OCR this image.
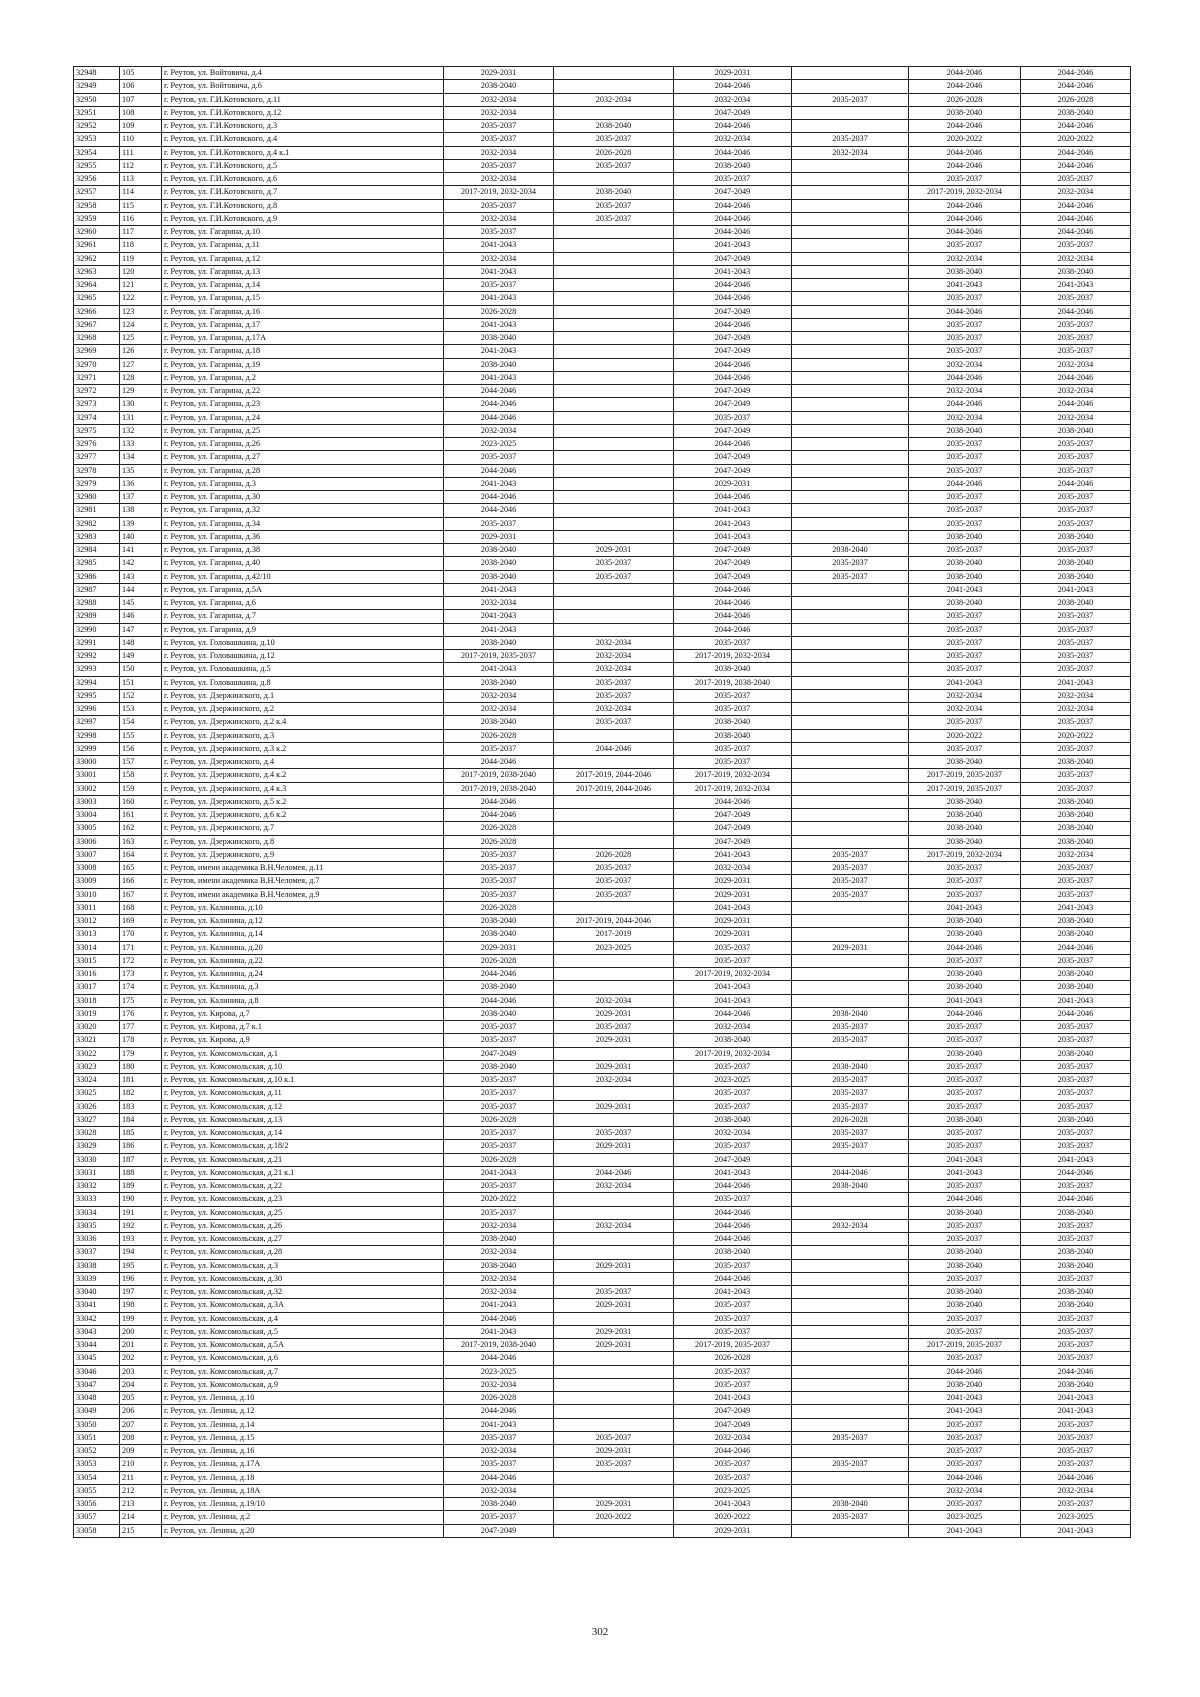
32948	105	г. Реутов, ул. Войтовича, д.4	2029-2031		2029-2031		2044-2046	2044-2046
32949	106	г. Реутов, ул. Войтовича, д.6	2038-2040		2044-2046		2044-2046	2044-2046
32950	107	г. Реутов, ул. Г.И.Котовского, д.11	2032-2034	2032-2034	2032-2034	2035-2037	2026-2028	2026-2028
32951	108	г. Реутов, ул. Г.И.Котовского, д.12	2032-2034		2047-2049		2038-2040	2038-2040
32952	109	г. Реутов, ул. Г.И.Котовского, д.3	2035-2037	2038-2040	2044-2046		2044-2046	2044-2046
32953	110	г. Реутов, ул. Г.И.Котовского, д.4	2035-2037	2035-2037	2032-2034	2035-2037	2020-2022	2020-2022
32954	111	г. Реутов, ул. Г.И.Котовского, д.4 к.1	2032-2034	2026-2028	2044-2046	2032-2034	2044-2046	2044-2046
32955	112	г. Реутов, ул. Г.И.Котовского, д.5	2035-2037	2035-2037	2038-2040		2044-2046	2044-2046
32956	113	г. Реутов, ул. Г.И.Котовского, д.6	2032-2034		2035-2037		2035-2037	2035-2037
32957	114	г. Реутов, ул. Г.И.Котовского, д.7	2017-2019, 2032-2034	2038-2040	2047-2049		2017-2019, 2032-2034	2032-2034
32958	115	г. Реутов, ул. Г.И.Котовского, д.8	2035-2037	2035-2037	2044-2046		2044-2046	2044-2046
32959	116	г. Реутов, ул. Г.И.Котовского, д.9	2032-2034	2035-2037	2044-2046		2044-2046	2044-2046
32960	117	г. Реутов, ул. Гагарина, д.10	2035-2037		2044-2046		2044-2046	2044-2046
32961	118	г. Реутов, ул. Гагарина, д.11	2041-2043		2041-2043		2035-2037	2035-2037
32962	119	г. Реутов, ул. Гагарина, д.12	2032-2034		2047-2049		2032-2034	2032-2034
32963	120	г. Реутов, ул. Гагарина, д.13	2041-2043		2041-2043		2038-2040	2038-2040
32964	121	г. Реутов, ул. Гагарина, д.14	2035-2037		2044-2046		2041-2043	2041-2043
32965	122	г. Реутов, ул. Гагарина, д.15	2041-2043		2044-2046		2035-2037	2035-2037
32966	123	г. Реутов, ул. Гагарина, д.16	2026-2028		2047-2049		2044-2046	2044-2046
32967	124	г. Реутов, ул. Гагарина, д.17	2041-2043		2044-2046		2035-2037	2035-2037
32968	125	г. Реутов, ул. Гагарина, д.17А	2038-2040		2047-2049		2035-2037	2035-2037
32969	126	г. Реутов, ул. Гагарина, д.18	2041-2043		2047-2049		2035-2037	2035-2037
32970	127	г. Реутов, ул. Гагарина, д.19	2038-2040		2044-2046		2032-2034	2032-2034
32971	128	г. Реутов, ул. Гагарина, д.2	2041-2043		2044-2046		2044-2046	2044-2046
32972	129	г. Реутов, ул. Гагарина, д.22	2044-2046		2047-2049		2032-2034	2032-2034
32973	130	г. Реутов, ул. Гагарина, д.23	2044-2046		2047-2049		2044-2046	2044-2046
32974	131	г. Реутов, ул. Гагарина, д.24	2044-2046		2035-2037		2032-2034	2032-2034
32975	132	г. Реутов, ул. Гагарина, д.25	2032-2034		2047-2049		2038-2040	2038-2040
32976	133	г. Реутов, ул. Гагарина, д.26	2023-2025		2044-2046		2035-2037	2035-2037
32977	134	г. Реутов, ул. Гагарина, д.27	2035-2037		2047-2049		2035-2037	2035-2037
32978	135	г. Реутов, ул. Гагарина, д.28	2044-2046		2047-2049		2035-2037	2035-2037
32979	136	г. Реутов, ул. Гагарина, д.3	2041-2043		2029-2031		2044-2046	2044-2046
32980	137	г. Реутов, ул. Гагарина, д.30	2044-2046		2044-2046		2035-2037	2035-2037
32981	138	г. Реутов, ул. Гагарина, д.32	2044-2046		2041-2043		2035-2037	2035-2037
32982	139	г. Реутов, ул. Гагарина, д.34	2035-2037		2041-2043		2035-2037	2035-2037
32983	140	г. Реутов, ул. Гагарина, д.36	2029-2031		2041-2043		2038-2040	2038-2040
32984	141	г. Реутов, ул. Гагарина, д.38	2038-2040	2029-2031	2047-2049	2038-2040	2035-2037	2035-2037
32985	142	г. Реутов, ул. Гагарина, д.40	2038-2040	2035-2037	2047-2049	2035-2037	2038-2040	2038-2040
32986	143	г. Реутов, ул. Гагарина, д.42/10	2038-2040	2035-2037	2047-2049	2035-2037	2038-2040	2038-2040
32987	144	г. Реутов, ул. Гагарина, д.5А	2041-2043		2044-2046		2041-2043	2041-2043
32988	145	г. Реутов, ул. Гагарина, д.6	2032-2034		2044-2046		2038-2040	2038-2040
32989	146	г. Реутов, ул. Гагарина, д.7	2041-2043		2044-2046		2035-2037	2035-2037
32990	147	г. Реутов, ул. Гагарина, д.9	2041-2043		2044-2046		2035-2037	2035-2037
32991	148	г. Реутов, ул. Головашкина, д.10	2038-2040	2032-2034	2035-2037		2035-2037	2035-2037
32992	149	г. Реутов, ул. Головашкина, д.12	2017-2019, 2035-2037	2032-2034	2017-2019, 2032-2034		2035-2037	2035-2037
32993	150	г. Реутов, ул. Головашкина, д.5	2041-2043	2032-2034	2038-2040		2035-2037	2035-2037
32994	151	г. Реутов, ул. Головашкина, д.8	2038-2040	2035-2037	2017-2019, 2038-2040		2041-2043	2041-2043
32995	152	г. Реутов, ул. Дзержинского, д.1	2032-2034	2035-2037	2035-2037		2032-2034	2032-2034
32996	153	г. Реутов, ул. Дзержинского, д.2	2032-2034	2032-2034	2035-2037		2032-2034	2032-2034
32997	154	г. Реутов, ул. Дзержинского, д.2 к.4	2038-2040	2035-2037	2038-2040		2035-2037	2035-2037
32998	155	г. Реутов, ул. Дзержинского, д.3	2026-2028		2038-2040		2020-2022	2020-2022
32999	156	г. Реутов, ул. Дзержинского, д.3 к.2	2035-2037	2044-2046	2035-2037		2035-2037	2035-2037
33000	157	г. Реутов, ул. Дзержинского, д.4	2044-2046		2035-2037		2038-2040	2038-2040
33001	158	г. Реутов, ул. Дзержинского, д.4 к.2	2017-2019, 2038-2040	2017-2019, 2044-2046	2017-2019, 2032-2034		2017-2019, 2035-2037	2035-2037
33002	159	г. Реутов, ул. Дзержинского, д.4 к.3	2017-2019, 2038-2040	2017-2019, 2044-2046	2017-2019, 2032-2034		2017-2019, 2035-2037	2035-2037
33003	160	г. Реутов, ул. Дзержинского, д.5 к.2	2044-2046		2044-2046		2038-2040	2038-2040
33004	161	г. Реутов, ул. Дзержинского, д.6 к.2	2044-2046		2047-2049		2038-2040	2038-2040
33005	162	г. Реутов, ул. Дзержинского, д.7	2026-2028		2047-2049		2038-2040	2038-2040
33006	163	г. Реутов, ул. Дзержинского, д.8	2026-2028		2047-2049		2038-2040	2038-2040
33007	164	г. Реутов, ул. Дзержинского, д.9	2035-2037	2026-2028	2041-2043	2035-2037	2017-2019, 2032-2034	2032-2034
33008	165	г. Реутов, имени академика В.Н.Челомея, д.11	2035-2037	2035-2037	2032-2034	2035-2037	2035-2037	2035-2037
33009	166	г. Реутов, имени академика В.Н.Челомея, д.7	2035-2037	2035-2037	2029-2031	2035-2037	2035-2037	2035-2037
33010	167	г. Реутов, имени академика В.Н.Челомея, д.9	2035-2037	2035-2037	2029-2031	2035-2037	2035-2037	2035-2037
33011	168	г. Реутов, ул. Калинина, д.10	2026-2028		2041-2043		2041-2043	2041-2043
33012	169	г. Реутов, ул. Калинина, д.12	2038-2040	2017-2019, 2044-2046	2029-2031		2038-2040	2038-2040
33013	170	г. Реутов, ул. Калинина, д.14	2038-2040	2017-2019	2029-2031		2038-2040	2038-2040
33014	171	г. Реутов, ул. Калинина, д.20	2029-2031	2023-2025	2035-2037	2029-2031	2044-2046	2044-2046
33015	172	г. Реутов, ул. Калинина, д.22	2026-2028		2035-2037		2035-2037	2035-2037
33016	173	г. Реутов, ул. Калинина, д.24	2044-2046		2017-2019, 2032-2034		2038-2040	2038-2040
33017	174	г. Реутов, ул. Калинина, д.3	2038-2040		2041-2043		2038-2040	2038-2040
33018	175	г. Реутов, ул. Калинина, д.8	2044-2046	2032-2034	2041-2043		2041-2043	2041-2043
33019	176	г. Реутов, ул. Кирова, д.7	2038-2040	2029-2031	2044-2046	2038-2040	2044-2046	2044-2046
33020	177	г. Реутов, ул. Кирова, д.7 к.1	2035-2037	2035-2037	2032-2034	2035-2037	2035-2037	2035-2037
33021	178	г. Реутов, ул. Кирова, д.9	2035-2037	2029-2031	2038-2040	2035-2037	2035-2037	2035-2037
33022	179	г. Реутов, ул. Комсомольская, д.1	2047-2049		2017-2019, 2032-2034		2038-2040	2038-2040
33023	180	г. Реутов, ул. Комсомольская, д.10	2038-2040	2029-2031	2035-2037	2038-2040	2035-2037	2035-2037
33024	181	г. Реутов, ул. Комсомольская, д.10 к.1	2035-2037	2032-2034	2023-2025	2035-2037	2035-2037	2035-2037
33025	182	г. Реутов, ул. Комсомольская, д.11	2035-2037		2035-2037	2035-2037	2035-2037	2035-2037
33026	183	г. Реутов, ул. Комсомольская, д.12	2035-2037	2029-2031	2035-2037	2035-2037	2035-2037	2035-2037
33027	184	г. Реутов, ул. Комсомольская, д.13	2026-2028		2038-2040	2026-2028	2038-2040	2038-2040
33028	185	г. Реутов, ул. Комсомольская, д.14	2035-2037	2035-2037	2032-2034	2035-2037	2035-2037	2035-2037
33029	186	г. Реутов, ул. Комсомольская, д.18/2	2035-2037	2029-2031	2035-2037	2035-2037	2035-2037	2035-2037
33030	187	г. Реутов, ул. Комсомольская, д.21	2026-2028		2047-2049		2041-2043	2041-2043
33031	188	г. Реутов, ул. Комсомольская, д.21 к.1	2041-2043	2044-2046	2041-2043	2044-2046	2041-2043	2044-2046
33032	189	г. Реутов, ул. Комсомольская, д.22	2035-2037	2032-2034	2044-2046	2038-2040	2035-2037	2035-2037
33033	190	г. Реутов, ул. Комсомольская, д.23	2020-2022		2035-2037		2044-2046	2044-2046
33034	191	г. Реутов, ул. Комсомольская, д.25	2035-2037		2044-2046		2038-2040	2038-2040
33035	192	г. Реутов, ул. Комсомольская, д.26	2032-2034	2032-2034	2044-2046	2032-2034	2035-2037	2035-2037
33036	193	г. Реутов, ул. Комсомольская, д.27	2038-2040		2044-2046		2035-2037	2035-2037
33037	194	г. Реутов, ул. Комсомольская, д.28	2032-2034		2038-2040		2038-2040	2038-2040
33038	195	г. Реутов, ул. Комсомольская, д.3	2038-2040	2029-2031	2035-2037		2038-2040	2038-2040
33039	196	г. Реутов, ул. Комсомольская, д.30	2032-2034		2044-2046		2035-2037	2035-2037
33040	197	г. Реутов, ул. Комсомольская, д.32	2032-2034	2035-2037	2041-2043		2038-2040	2038-2040
33041	198	г. Реутов, ул. Комсомольская, д.3А	2041-2043	2029-2031	2035-2037		2038-2040	2038-2040
33042	199	г. Реутов, ул. Комсомольская, д.4	2044-2046		2035-2037		2035-2037	2035-2037
33043	200	г. Реутов, ул. Комсомольская, д.5	2041-2043	2029-2031	2035-2037		2035-2037	2035-2037
33044	201	г. Реутов, ул. Комсомольская, д.5А	2017-2019, 2038-2040	2029-2031	2017-2019, 2035-2037		2017-2019, 2035-2037	2035-2037
33045	202	г. Реутов, ул. Комсомольская, д.6	2044-2046		2026-2028		2035-2037	2035-2037
33046	203	г. Реутов, ул. Комсомольская, д.7	2023-2025		2035-2037		2044-2046	2044-2046
33047	204	г. Реутов, ул. Комсомольская, д.9	2032-2034		2035-2037		2038-2040	2038-2040
33048	205	г. Реутов, ул. Ленина, д.10	2026-2028		2041-2043		2041-2043	2041-2043
33049	206	г. Реутов, ул. Ленина, д.12	2044-2046		2047-2049		2041-2043	2041-2043
33050	207	г. Реутов, ул. Ленина, д.14	2041-2043		2047-2049		2035-2037	2035-2037
33051	208	г. Реутов, ул. Ленина, д.15	2035-2037	2035-2037	2032-2034	2035-2037	2035-2037	2035-2037
33052	209	г. Реутов, ул. Ленина, д.16	2032-2034	2029-2031	2044-2046		2035-2037	2035-2037
33053	210	г. Реутов, ул. Ленина, д.17А	2035-2037	2035-2037	2035-2037	2035-2037	2035-2037	2035-2037
33054	211	г. Реутов, ул. Ленина, д.18	2044-2046		2035-2037		2044-2046	2044-2046
33055	212	г. Реутов, ул. Ленина, д.18А	2032-2034		2023-2025		2032-2034	2032-2034
33056	213	г. Реутов, ул. Ленина, д.19/10	2038-2040	2029-2031	2041-2043	2038-2040	2035-2037	2035-2037
33057	214	г. Реутов, ул. Ленина, д.2	2035-2037	2020-2022	2020-2022	2035-2037	2023-2025	2023-2025
33058	215	г. Реутов, ул. Ленина, д.20	2047-2049		2029-2031		2041-2043	2041-2043
302
